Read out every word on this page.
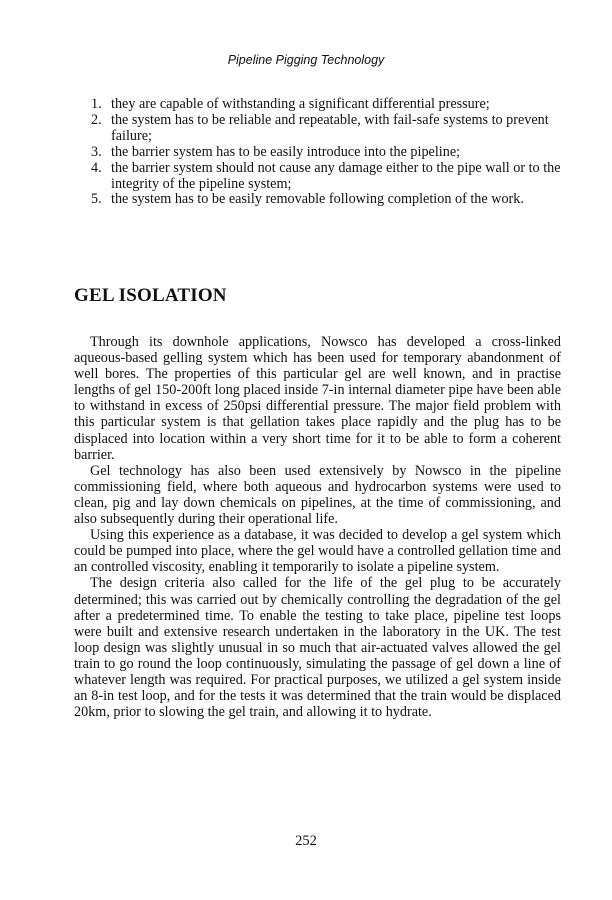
Pipeline Pigging Technology
1. they are capable of withstanding a significant differential pressure;
2. the system has to be reliable and repeatable, with fail-safe systems to prevent failure;
3. the barrier system has to be easily introduce into the pipeline;
4. the barrier system should not cause any damage either to the pipe wall or to the integrity of the pipeline system;
5. the system has to be easily removable following completion of the work.
GEL ISOLATION

Through its downhole applications, Nowsco has developed a cross-linked aqueous-based gelling system which has been used for temporary abandonment of well bores. The properties of this particular gel are well known, and in practise lengths of gel 150-200ft long placed inside 7-in internal diameter pipe have been able to withstand in excess of 250psi differential pressure. The major field problem with this particular system is that gellation takes place rapidly and the plug has to be displaced into location within a very short time for it to be able to form a coherent barrier.

Gel technology has also been used extensively by Nowsco in the pipeline commissioning field, where both aqueous and hydrocarbon systems were used to clean, pig and lay down chemicals on pipelines, at the time of commissioning, and also subsequently during their operational life.

Using this experience as a database, it was decided to develop a gel system which could be pumped into place, where the gel would have a controlled gellation time and an controlled viscosity, enabling it temporarily to isolate a pipeline system.

The design criteria also called for the life of the gel plug to be accurately determined; this was carried out by chemically controlling the degradation of the gel after a predetermined time. To enable the testing to take place, pipeline test loops were built and extensive research undertaken in the laboratory in the UK. The test loop design was slightly unusual in so much that air-actuated valves allowed the gel train to go round the loop continuously, simulating the passage of gel down a line of whatever length was required. For practical purposes, we utilized a gel system inside an 8-in test loop, and for the tests it was determined that the train would be displaced 20km, prior to slowing the gel train, and allowing it to hydrate.

252
